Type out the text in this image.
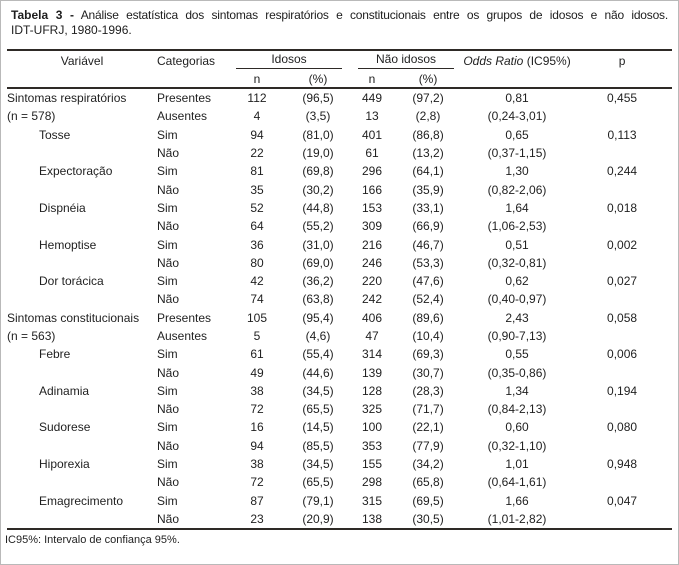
Tabela 3 - Análise estatística dos sintomas respiratórios e constitucionais entre os grupos de idosos e não idosos.
IDT-UFRJ, 1980-1996.
Variável	Categorias	Idosos		Não idosos		Odds Ratio (IC95%)	p
		n	(%)	n	(%)		
Sintomas respiratórios	Presentes	112	(96,5)	449	(97,2)	0,81	0,455
(n = 578)	Ausentes	4	(3,5)	13	(2,8)	(0,24-3,01)	
Tosse	Sim	94	(81,0)	401	(86,8)	0,65	0,113
	Não	22	(19,0)	61	(13,2)	(0,37-1,15)	
Expectoração	Sim	81	(69,8)	296	(64,1)	1,30	0,244
	Não	35	(30,2)	166	(35,9)	(0,82-2,06)	
Dispnéia	Sim	52	(44,8)	153	(33,1)	1,64	0,018
	Não	64	(55,2)	309	(66,9)	(1,06-2,53)	
Hemoptise	Sim	36	(31,0)	216	(46,7)	0,51	0,002
	Não	80	(69,0)	246	(53,3)	(0,32-0,81)	
Dor torácica	Sim	42	(36,2)	220	(47,6)	0,62	0,027
	Não	74	(63,8)	242	(52,4)	(0,40-0,97)	
Sintomas constitucionais	Presentes	105	(95,4)	406	(89,6)	2,43	0,058
(n = 563)	Ausentes	5	(4,6)	47	(10,4)	(0,90-7,13)	
Febre	Sim	61	(55,4)	314	(69,3)	0,55	0,006
	Não	49	(44,6)	139	(30,7)	(0,35-0,86)	
Adinamia	Sim	38	(34,5)	128	(28,3)	1,34	0,194
	Não	72	(65,5)	325	(71,7)	(0,84-2,13)	
Sudorese	Sim	16	(14,5)	100	(22,1)	0,60	0,080
	Não	94	(85,5)	353	(77,9)	(0,32-1,10)	
Hiporexia	Sim	38	(34,5)	155	(34,2)	1,01	0,948
	Não	72	(65,5)	298	(65,8)	(0,64-1,61)	
Emagrecimento	Sim	87	(79,1)	315	(69,5)	1,66	0,047
	Não	23	(20,9)	138	(30,5)	(1,01-2,82)	
IC95%: Intervalo de confiança 95%.
